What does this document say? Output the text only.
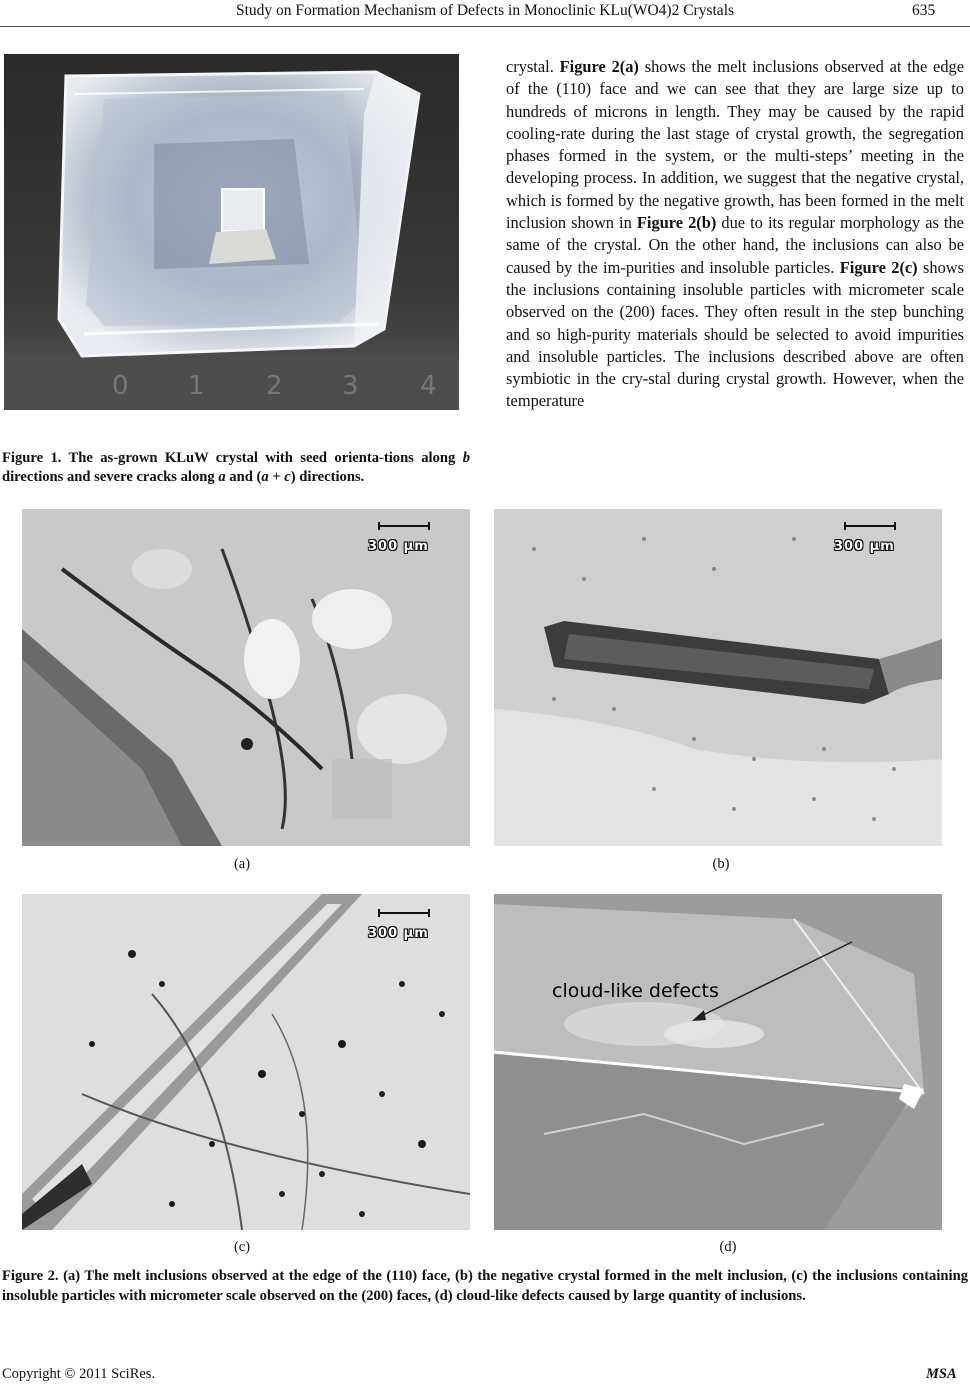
Study on Formation Mechanism of Defects in Monoclinic KLu(WO4)2 Crystals	635
0 1 2 3 4
Figure 1. The as-grown KLuW crystal with seed orienta-tions along b directions and severe cracks along a and (a + c) directions.
crystal. Figure 2(a) shows the melt inclusions observed at the edge of the (110) face and we can see that they are large size up to hundreds of microns in length. They may be caused by the rapid cooling-rate during the last stage of crystal growth, the segregation phases formed in the system, or the multi-steps’ meeting in the developing process. In addition, we suggest that the negative crystal, which is formed by the negative growth, has been formed in the melt inclusion shown in Figure 2(b) due to its regular morphology as the same of the crystal. On the other hand, the inclusions can also be caused by the im-purities and insoluble particles. Figure 2(c) shows the inclusions containing insoluble particles with micrometer scale observed on the (200) faces. They often result in the step bunching and so high-purity materials should be selected to avoid impurities and insoluble particles. The inclusions described above are often symbiotic in the cry-stal during crystal growth. However, when the temperature
300 μm
(a)
300 μm
(b)
300 μm
(c)
cloud-like defects
(d)
Figure 2. (a) The melt inclusions observed at the edge of the (110) face, (b) the negative crystal formed in the melt inclusion, (c) the inclusions containing insoluble particles with micrometer scale observed on the (200) faces, (d) cloud-like defects caused by large quantity of inclusions.
Copyright © 2011 SciRes.	MSA
